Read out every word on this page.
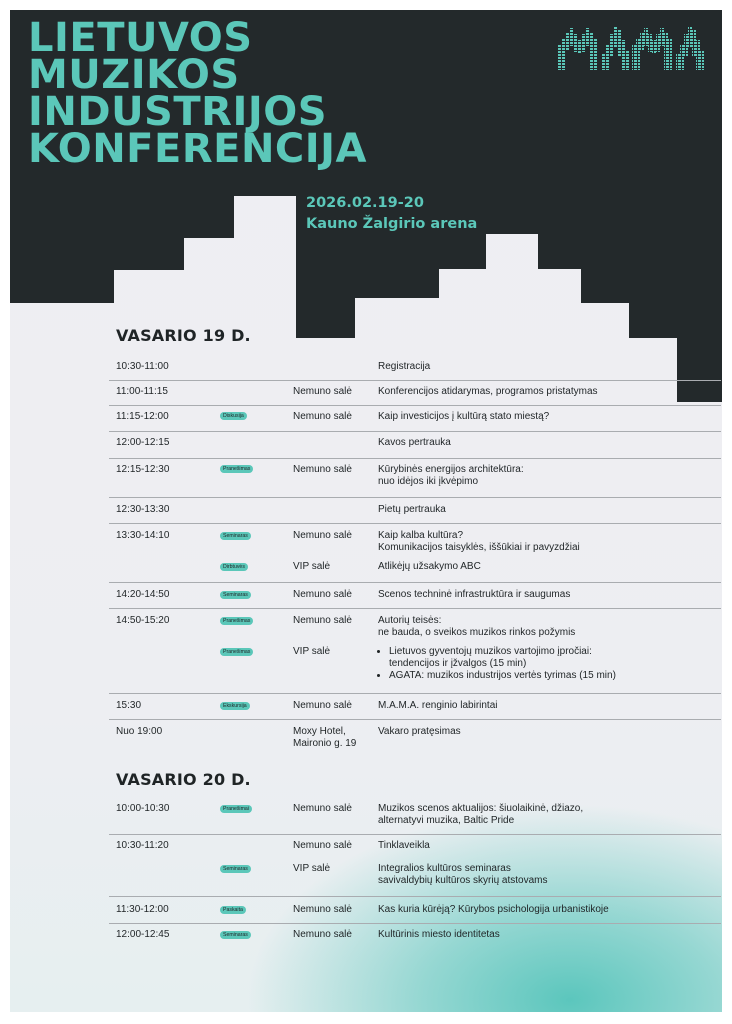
LIETUVOS
MUZIKOS
INDUSTRIJOS
KONFERENCIJA
2026.02.19-20
Kauno Žalgirio arena
VASARIO 19 D.
10:30-11:00	Registracija
11:00-11:15	Nemuno salė	Konferencijos atidarymas, programos pristatymas
11:15-12:00	Diskusija	Nemuno salė	Kaip investicijos į kultūrą stato miestą?
12:00-12:15	Kavos pertrauka
12:15-12:30	Pranešimas	Nemuno salė	Kūrybinės energijos architektūra:
nuo idėjos iki įkvėpimo
12:30-13:30	Pietų pertrauka
13:30-14:10	Seminaras	Nemuno salė	Kaip kalba kultūra?
Komunikacijos taisyklės, iššūkiai ir pavyzdžiai
Dirbtuvės	VIP salė	Atlikėjų užsakymo ABC
14:20-14:50	Seminaras	Nemuno salė	Scenos techninė infrastruktūra ir saugumas
14:50-15:20	Pranešimas	Nemuno salė	Autorių teisės:
ne bauda, o sveikos muzikos rinkos požymis
Pranešimas	VIP salė
•	Lietuvos gyventojų muzikos vartojimo įpročiai:
tendencijos ir įžvalgos (15 min)
• AGATA: muzikos industrijos vertės tyrimas (15 min)
15:30	Ekskursija	Nemuno salė	M.A.M.A. renginio labirintai
Nuo 19:00	Moxy Hotel,
Maironio g. 19
Vakaro pratęsimas
VASARIO 20 D.
10:00-10:30	Pranešimai	Nemuno salė	Muzikos scenos aktualijos: šiuolaikinė, džiazo,
alternatyvi muzika, Baltic Pride
10:30-11:20	Nemuno salė	Tinklaveikla
Seminaras	VIP salė	Integralios kultūros seminaras
savivaldybių kultūros skyrių atstovams
11:30-12:00	Paskaita	Nemuno salė	Kas kuria kūrėją? Kūrybos psichologija urbanistikoje
12:00-12:45	Seminaras	Nemuno salė	Kultūrinis miesto identitetas
